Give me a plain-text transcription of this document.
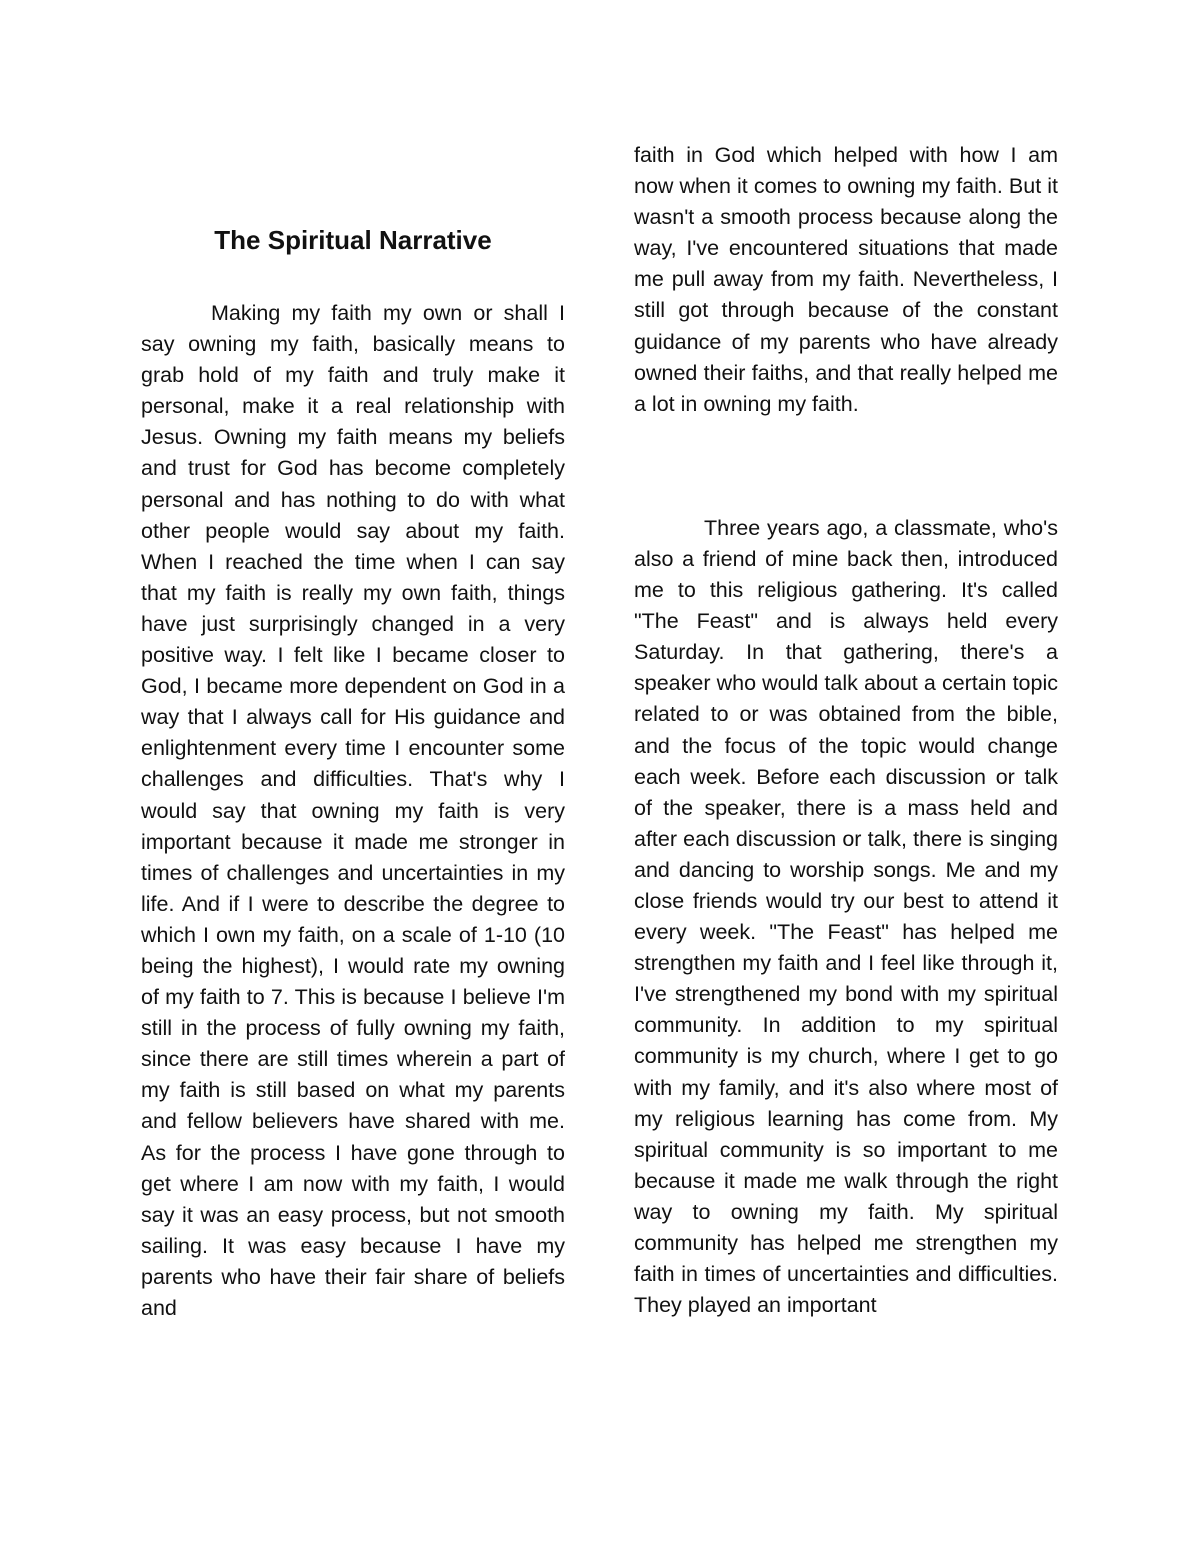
The Spiritual Narrative

Making my faith my own or shall I say owning my faith, basically means to grab hold of my faith and truly make it personal, make it a real relationship with Jesus. Owning my faith means my beliefs and trust for God has become completely personal and has nothing to do with what other people would say about my faith. When I reached the time when I can say that my faith is really my own faith, things have just surprisingly changed in a very positive way. I felt like I became closer to God, I became more dependent on God in a way that I always call for His guidance and enlightenment every time I encounter some challenges and difficulties. That's why I would say that owning my faith is very important because it made me stronger in times of challenges and uncertainties in my life. And if I were to describe the degree to which I own my faith, on a scale of 1-10 (10 being the highest), I would rate my owning of my faith to 7. This is because I believe I'm still in the process of fully owning my faith, since there are still times wherein a part of my faith is still based on what my parents and fellow believers have shared with me. As for the process I have gone through to get where I am now with my faith, I would say it was an easy process, but not smooth sailing. It was easy because I have my parents who have their fair share of beliefs and

faith in God which helped with how I am now when it comes to owning my faith. But it wasn't a smooth process because along the way, I've encountered situations that made me pull away from my faith. Nevertheless, I still got through because of the constant guidance of my parents who have already owned their faiths, and that really helped me a lot in owning my faith.

Three years ago, a classmate, who's also a friend of mine back then, introduced me to this religious gathering. It's called "The Feast" and is always held every Saturday. In that gathering, there's a speaker who would talk about a certain topic related to or was obtained from the bible, and the focus of the topic would change each week. Before each discussion or talk of the speaker, there is a mass held and after each discussion or talk, there is singing and dancing to worship songs. Me and my close friends would try our best to attend it every week. "The Feast" has helped me strengthen my faith and I feel like through it, I've strengthened my bond with my spiritual community. In addition to my spiritual community is my church, where I get to go with my family, and it's also where most of my religious learning has come from. My spiritual community is so important to me because it made me walk through the right way to owning my faith. My spiritual community has helped me strengthen my faith in times of uncertainties and difficulties. They played an important
